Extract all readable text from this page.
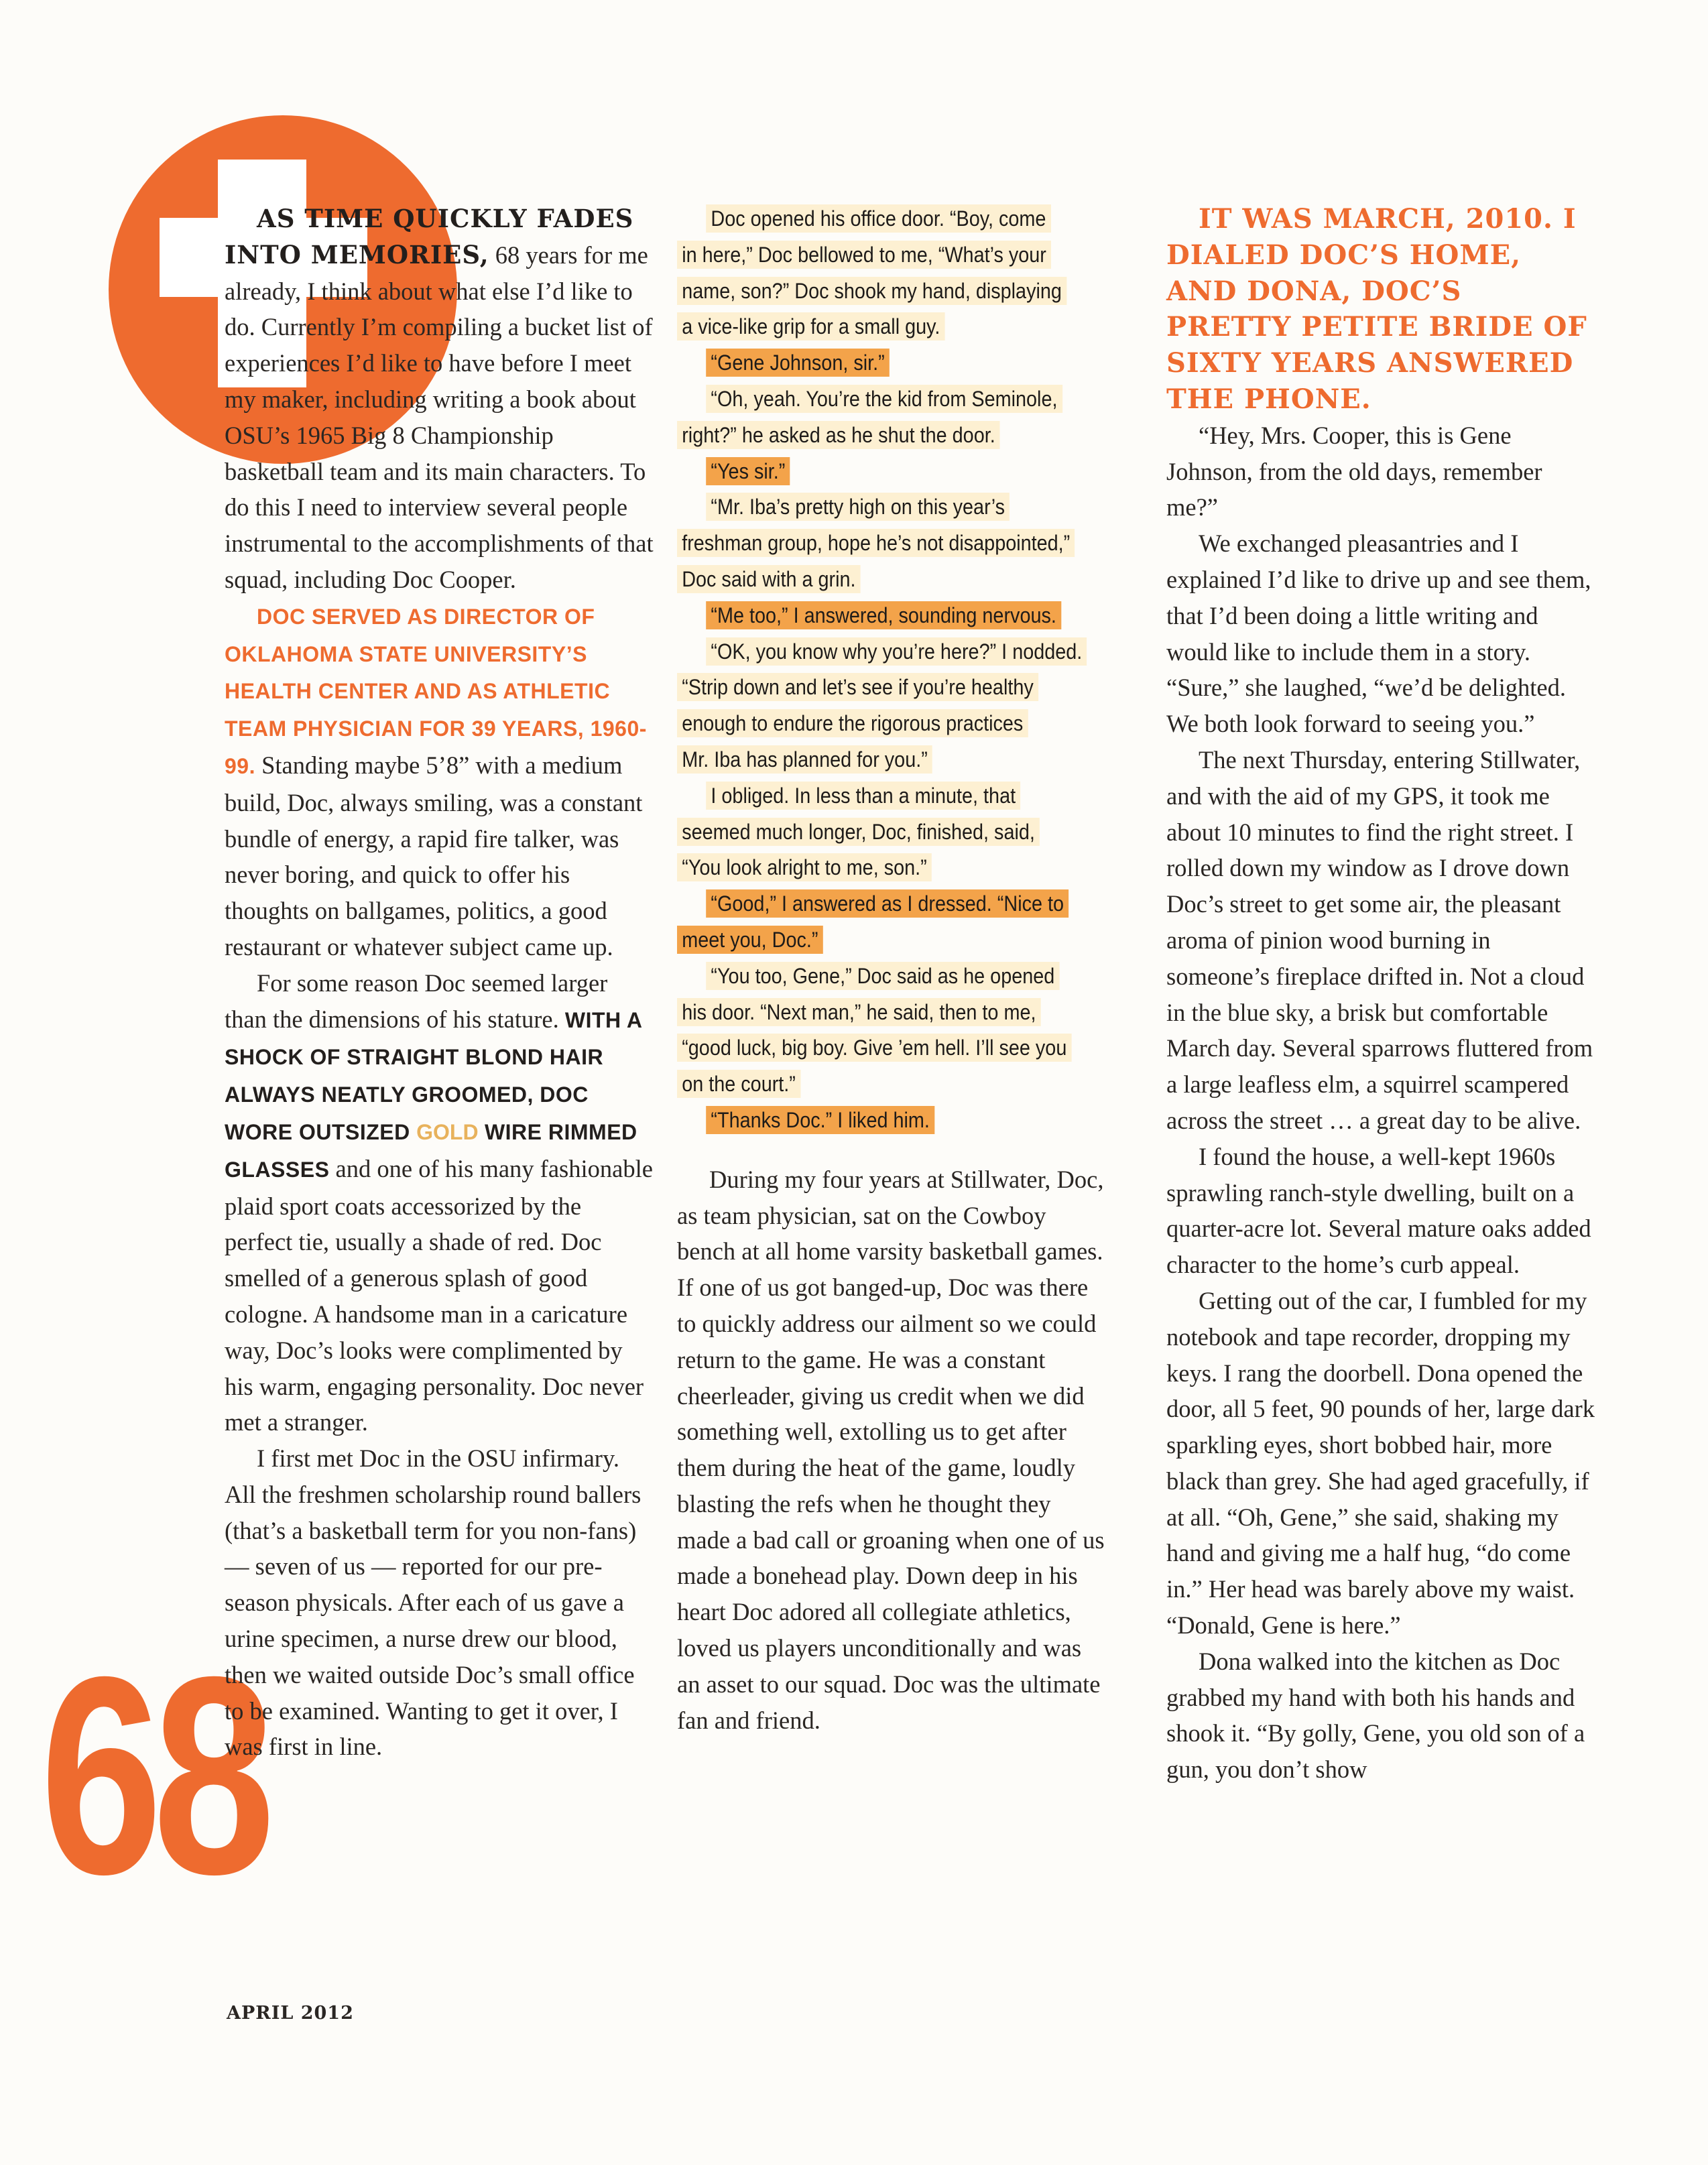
68

AS TIME QUICKLY FADES INTO MEMORIES, 68 years for me already, I think about what else I’d like to do. Currently I’m compiling a bucket list of experiences I’d like to have before I meet my maker, including writing a book about OSU’s 1965 Big 8 Championship basketball team and its main characters. To do this I need to interview several people instrumental to the accomplishments of that squad, including Doc Cooper.

DOC SERVED AS DIRECTOR OF OKLAHOMA STATE UNIVERSITY’S HEALTH CENTER AND AS ATHLETIC TEAM PHYSICIAN FOR 39 YEARS, 1960-99. Standing maybe 5’8” with a medium build, Doc, always smiling, was a constant bundle of energy, a rapid fire talker, was never boring, and quick to offer his thoughts on ballgames, politics, a good restaurant or whatever subject came up.

For some reason Doc seemed larger than the dimensions of his stature. WITH A SHOCK OF STRAIGHT BLOND HAIR ALWAYS NEATLY GROOMED, DOC WORE OUTSIZED GOLD WIRE RIMMED GLASSES and one of his many fashionable plaid sport coats accessorized by the perfect tie, usually a shade of red. Doc smelled of a generous splash of good cologne. A handsome man in a caricature way, Doc’s looks were complimented by his warm, engaging personality. Doc never met a stranger.

I first met Doc in the OSU infirmary. All the freshmen scholarship round ballers (that’s a basketball term for you non-fans) — seven of us — reported for our pre-season physicals. After each of us gave a urine specimen, a nurse drew our blood, then we waited outside Doc’s small office to be examined. Wanting to get it over, I was first in line.

Doc opened his office door. “Boy, come
in here,” Doc bellowed to me, “What’s your
name, son?” Doc shook my hand, displaying
a vice-like grip for a small guy.
“Gene Johnson, sir.”
“Oh, yeah. You’re the kid from Seminole,
right?” he asked as he shut the door.
“Yes sir.”
“Mr. Iba’s pretty high on this year’s
freshman group, hope he’s not disappointed,”
Doc said with a grin.
“Me too,” I answered, sounding nervous.
“OK, you know why you’re here?” I nodded.
“Strip down and let’s see if you’re healthy
enough to endure the rigorous practices
Mr. Iba has planned for you.”
I obliged. In less than a minute, that
seemed much longer, Doc, finished, said,
“You look alright to me, son.”
“Good,” I answered as I dressed. “Nice to
meet you, Doc.”
“You too, Gene,” Doc said as he opened
his door. “Next man,” he said, then to me,
“good luck, big boy. Give ’em hell. I’ll see you
on the court.”
“Thanks Doc.” I liked him.

During my four years at Stillwater, Doc, as team physician, sat on the Cowboy bench at all home varsity basketball games. If one of us got banged-up, Doc was there to quickly address our ailment so we could return to the game. He was a constant cheerleader, giving us credit when we did something well, extolling us to get after them during the heat of the game, loudly blasting the refs when he thought they made a bad call or groaning when one of us made a bonehead play. Down deep in his heart Doc adored all collegiate athletics, loved us players unconditionally and was an asset to our squad. Doc was the ultimate fan and friend.

IT WAS MARCH, 2010. I DIALED DOC’S HOME, AND DONA, DOC’S PRETTY PETITE BRIDE OF SIXTY YEARS ANSWERED THE PHONE.

“Hey, Mrs. Cooper, this is Gene Johnson, from the old days, remember me?”

We exchanged pleasantries and I explained I’d like to drive up and see them, that I’d been doing a little writing and would like to include them in a story. “Sure,” she laughed, “we’d be delighted. We both look forward to seeing you.”

The next Thursday, entering Stillwater, and with the aid of my GPS, it took me about 10 minutes to find the right street. I rolled down my window as I drove down Doc’s street to get some air, the pleasant aroma of pinion wood burning in someone’s fireplace drifted in. Not a cloud in the blue sky, a brisk but comfortable March day. Several sparrows fluttered from a large leafless elm, a squirrel scampered across the street … a great day to be alive.

I found the house, a well-kept 1960s sprawling ranch-style dwelling, built on a quarter-acre lot. Several mature oaks added character to the home’s curb appeal.

Getting out of the car, I fumbled for my notebook and tape recorder, dropping my keys. I rang the doorbell. Dona opened the door, all 5 feet, 90 pounds of her, large dark sparkling eyes, short bobbed hair, more black than grey. She had aged gracefully, if at all. “Oh, Gene,” she said, shaking my hand and giving me a half hug, “do come in.” Her head was barely above my waist. “Donald, Gene is here.”

Dona walked into the kitchen as Doc grabbed my hand with both his hands and shook it. “By golly, Gene, you old son of a gun, you don’t show

APRIL 2012
